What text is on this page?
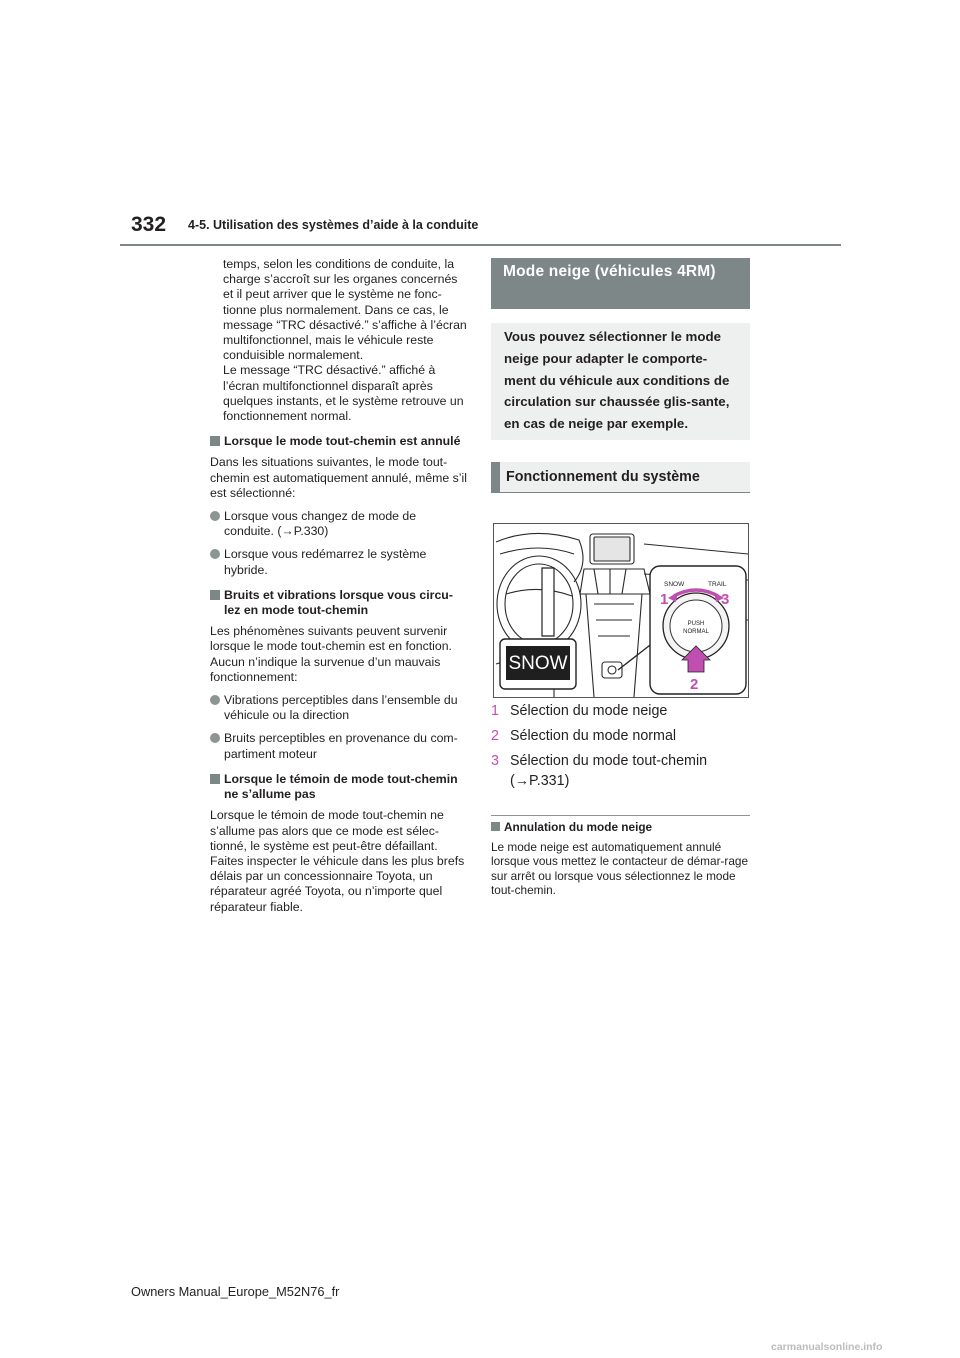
332 4-5. Utilisation des systèmes d’aide à la conduite

temps, selon les conditions de conduite, la charge s’accroît sur les organes concernés et il peut arriver que le système ne fonc-tionne plus normalement. Dans ce cas, le message “TRC désactivé.” s’affiche à l’écran multifonctionnel, mais le véhicule reste conduisible normalement.

Le message “TRC désactivé.” affiché à l’écran multifonctionnel disparaît après quelques instants, et le système retrouve un fonctionnement normal.

Lorsque le mode tout-chemin est annulé

Dans les situations suivantes, le mode tout-chemin est automatiquement annulé, même s’il est sélectionné:

Lorsque vous changez de mode de conduite. (→P.330)
Lorsque vous redémarrez le système hybride.
Bruits et vibrations lorsque vous circu-lez en mode tout-chemin

Les phénomènes suivants peuvent survenir lorsque le mode tout-chemin est en fonction. Aucun n’indique la survenue d’un mauvais fonctionnement:

Vibrations perceptibles dans l’ensemble du véhicule ou la direction
Bruits perceptibles en provenance du com-partiment moteur
Lorsque le témoin de mode tout-chemin ne s’allume pas

Lorsque le témoin de mode tout-chemin ne s’allume pas alors que ce mode est sélec-tionné, le système est peut-être défaillant. Faites inspecter le véhicule dans les plus brefs délais par un concessionnaire Toyota, un réparateur agréé Toyota, ou n’importe quel réparateur fiable.

Mode neige (véhicules 4RM)
Vous pouvez sélectionner le mode neige pour adapter le comporte-ment du véhicule aux conditions de circulation sur chaussée glis-sante, en cas de neige par exemple.
Fonctionnement du système
SNOW
SNOW	TRAIL
PUSH
NORMAL
1	3
2
1 Sélection du mode neige
2 Sélection du mode normal
3 Sélection du mode tout-chemin
(→P.331)
Annulation du mode neige

Le mode neige est automatiquement annulé lorsque vous mettez le contacteur de démar-rage sur arrêt ou lorsque vous sélectionnez le mode tout-chemin.

Owners Manual_Europe_M52N76_fr
carmanualsonline.info
